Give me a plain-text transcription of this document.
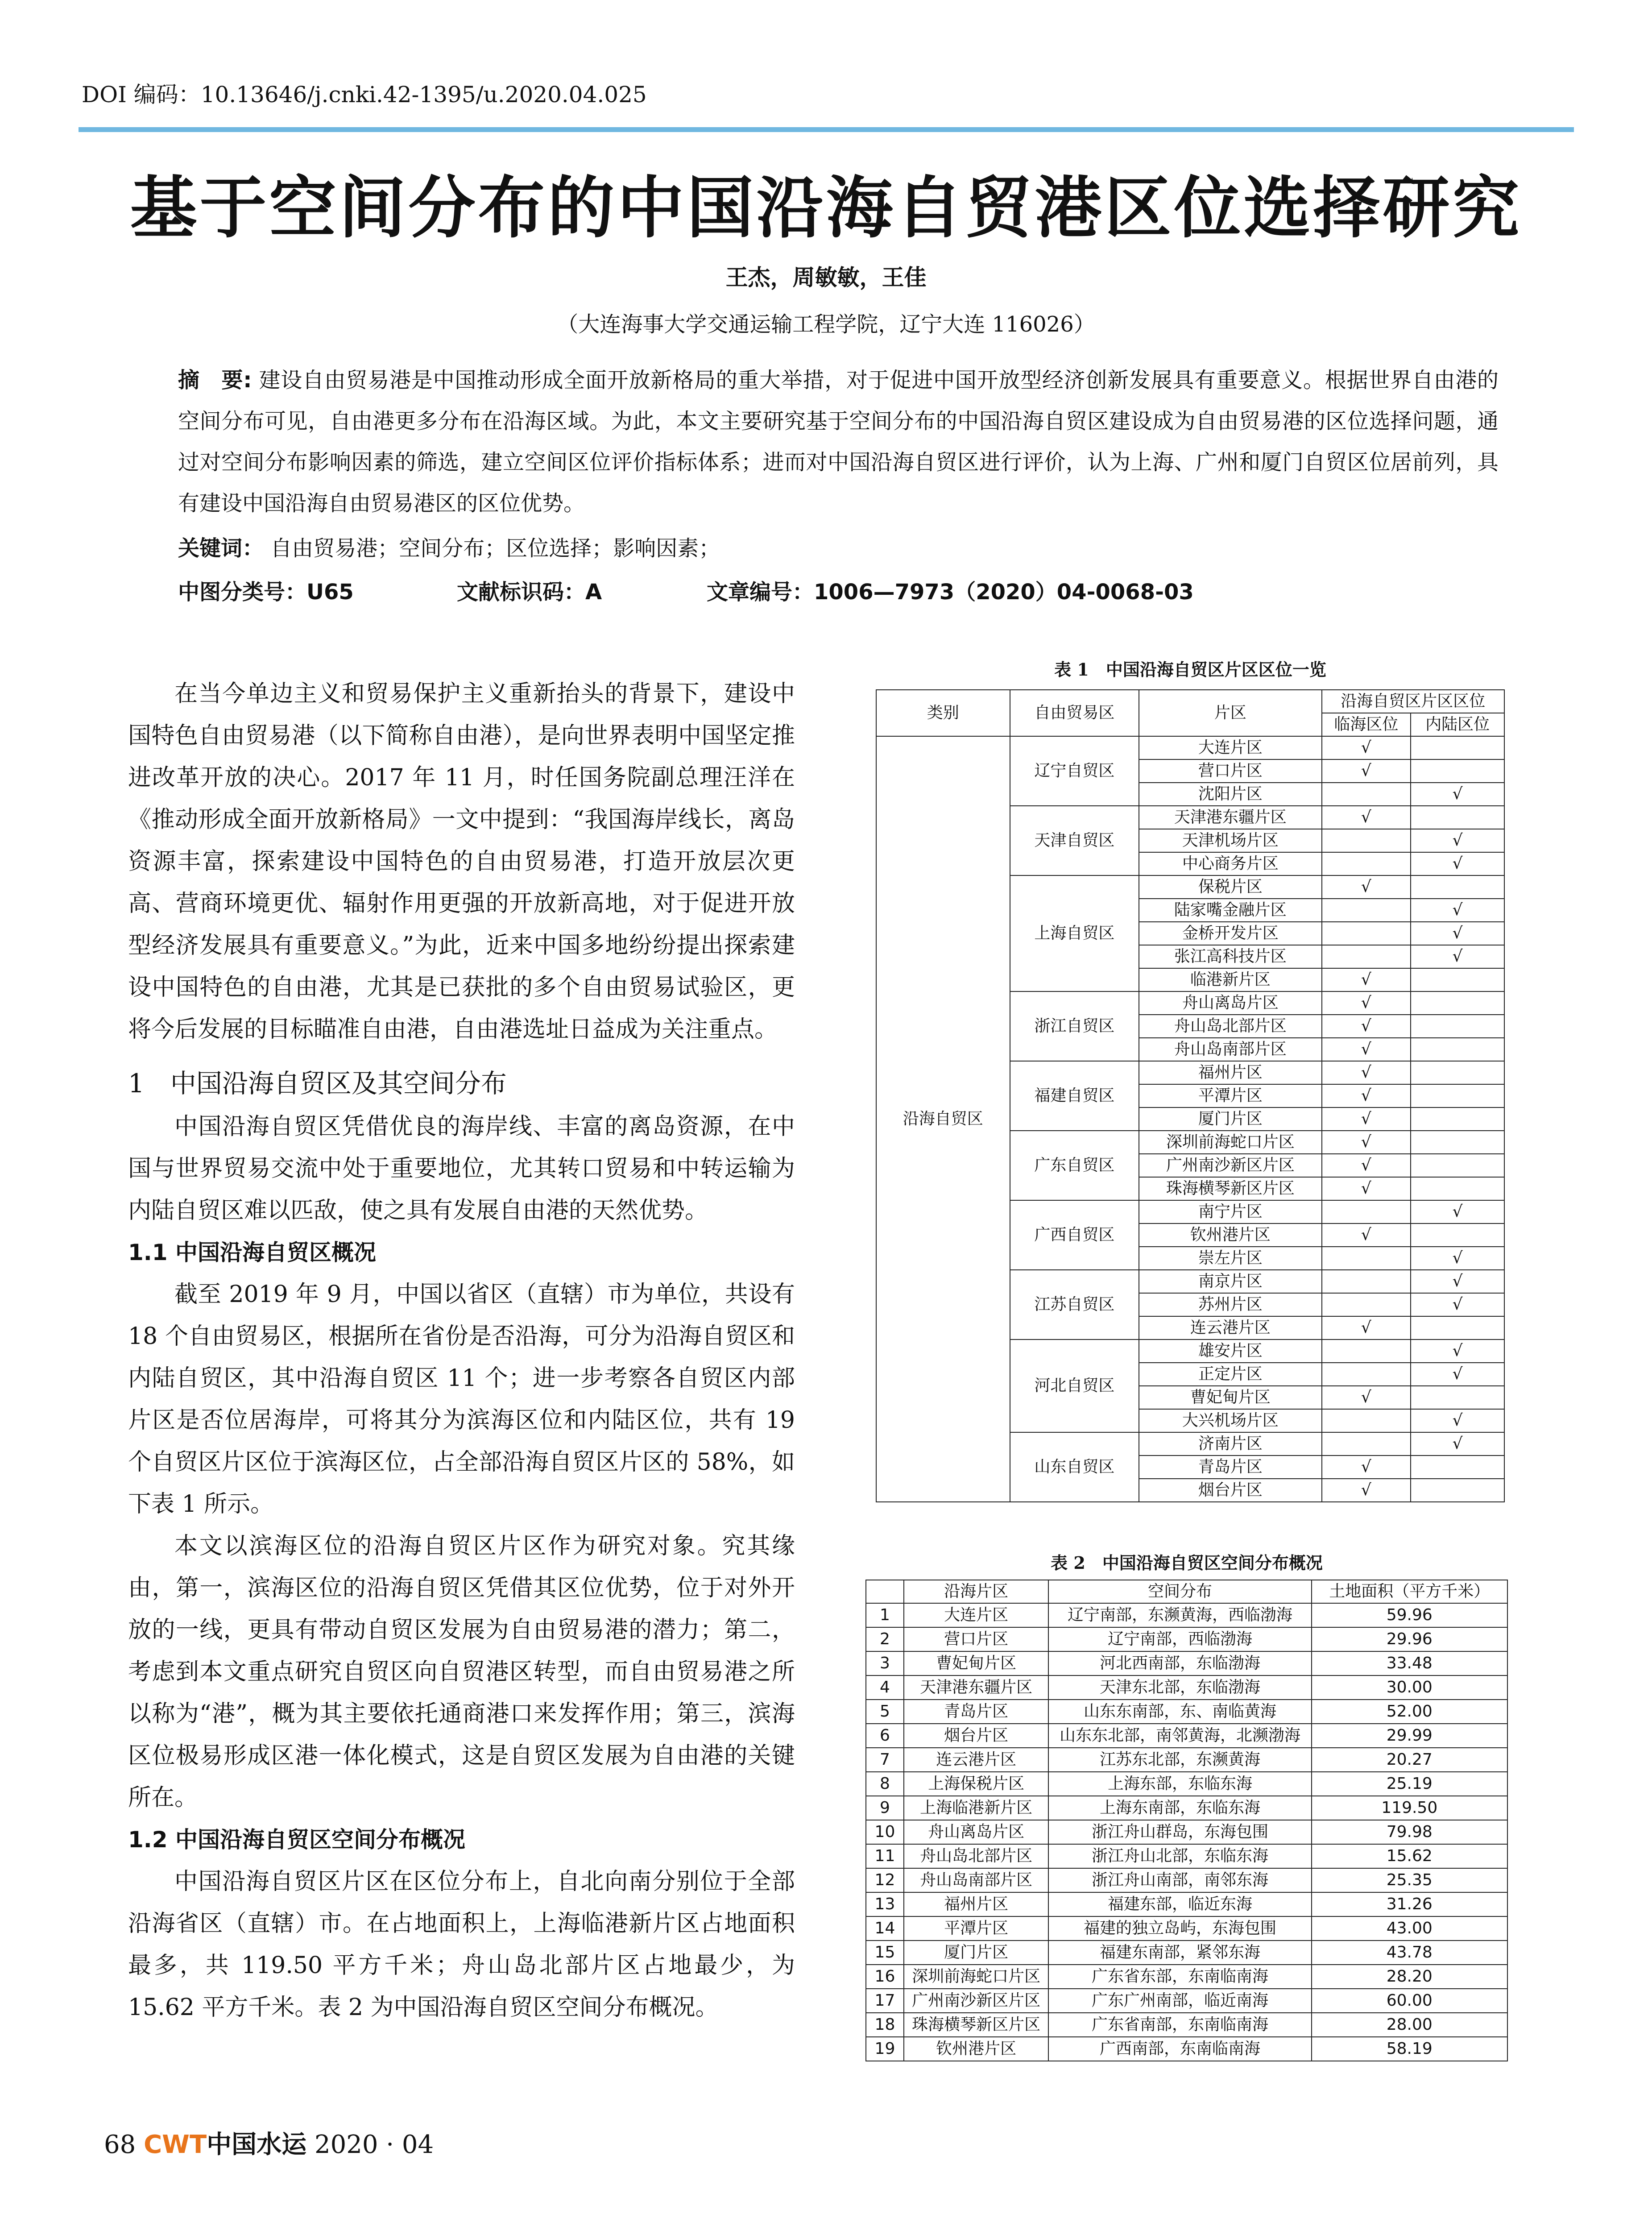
DOI 编码：10.13646/j.cnki.42-1395/u.2020.04.025
基于空间分布的中国沿海自贸港区位选择研究
王杰，周敏敏，王佳
（大连海事大学交通运输工程学院，辽宁大连 116026）
摘　要: 建设自由贸易港是中国推动形成全面开放新格局的重大举措，对于促进中国开放型经济创新发展具有重要意义。根据世界自由港的空间分布可见，自由港更多分布在沿海区域。为此，本文主要研究基于空间分布的中国沿海自贸区建设成为自由贸易港的区位选择问题，通过对空间分布影响因素的筛选，建立空间区位评价指标体系；进而对中国沿海自贸区进行评价，认为上海、广州和厦门自贸区位居前列，具有建设中国沿海自由贸易港区的区位优势。
关键词： 自由贸易港；空间分布；区位选择；影响因素；
中图分类号：U65	文献标识码：A	文章编号：1006—7973（2020）04-0068-03

在当今单边主义和贸易保护主义重新抬头的背景下，建设中国特色自由贸易港（以下简称自由港），是向世界表明中国坚定推进改革开放的决心。2017 年 11 月，时任国务院副总理汪洋在《推动形成全面开放新格局》一文中提到：“我国海岸线长，离岛资源丰富，探索建设中国特色的自由贸易港，打造开放层次更高、营商环境更优、辐射作用更强的开放新高地，对于促进开放型经济发展具有重要意义。”为此，近来中国多地纷纷提出探索建设中国特色的自由港，尤其是已获批的多个自由贸易试验区，更将今后发展的目标瞄准自由港，自由港选址日益成为关注重点。

1　中国沿海自贸区及其空间分布

中国沿海自贸区凭借优良的海岸线、丰富的离岛资源，在中国与世界贸易交流中处于重要地位，尤其转口贸易和中转运输为内陆自贸区难以匹敌，使之具有发展自由港的天然优势。

1.1 中国沿海自贸区概况

截至 2019 年 9 月，中国以省区（直辖）市为单位，共设有 18 个自由贸易区，根据所在省份是否沿海，可分为沿海自贸区和内陆自贸区，其中沿海自贸区 11 个；进一步考察各自贸区内部片区是否位居海岸，可将其分为滨海区位和内陆区位，共有 19 个自贸区片区位于滨海区位，占全部沿海自贸区片区的 58%，如下表 1 所示。

本文以滨海区位的沿海自贸区片区作为研究对象。究其缘由，第一，滨海区位的沿海自贸区凭借其区位优势，位于对外开放的一线，更具有带动自贸区发展为自由贸易港的潜力；第二，考虑到本文重点研究自贸区向自贸港区转型，而自由贸易港之所以称为“港”，概为其主要依托通商港口来发挥作用；第三，滨海区位极易形成区港一体化模式，这是自贸区发展为自由港的关键所在。

1.2 中国沿海自贸区空间分布概况

中国沿海自贸区片区在区位分布上，自北向南分别位于全部沿海省区（直辖）市。在占地面积上，上海临港新片区占地面积最多，共 119.50 平方千米；舟山岛北部片区占地最少，为 15.62 平方千米。表 2 为中国沿海自贸区空间分布概况。

表 1　中国沿海自贸区片区区位一览
类别	自由贸易区	片区	沿海自贸区片区区位	
			临海区位	内陆区位
沿海自贸区	辽宁自贸区	大连片区	√	
		营口片区	√	
		沈阳片区		√
	天津自贸区	天津港东疆片区	√	
		天津机场片区		√
		中心商务片区		√
	上海自贸区	保税片区	√	
		陆家嘴金融片区		√
		金桥开发片区		√
		张江高科技片区		√
		临港新片区	√	
	浙江自贸区	舟山离岛片区	√	
		舟山岛北部片区	√	
		舟山岛南部片区	√	
	福建自贸区	福州片区	√	
		平潭片区	√	
		厦门片区	√	
	广东自贸区	深圳前海蛇口片区	√	
		广州南沙新区片区	√	
		珠海横琴新区片区	√	
	广西自贸区	南宁片区		√
		钦州港片区	√	
		崇左片区		√
	江苏自贸区	南京片区		√
		苏州片区		√
		连云港片区	√	
	河北自贸区	雄安片区		√
		正定片区		√
		曹妃甸片区	√	
		大兴机场片区		√
	山东自贸区	济南片区		√
		青岛片区	√	
		烟台片区	√	
表 2　中国沿海自贸区空间分布概况
	沿海片区	空间分布	土地面积（平方千米）
1	大连片区	辽宁南部，东濒黄海，西临渤海	59.96
2	营口片区	辽宁南部，西临渤海	29.96
3	曹妃甸片区	河北西南部，东临渤海	33.48
4	天津港东疆片区	天津东北部，东临渤海	30.00
5	青岛片区	山东东南部，东、南临黄海	52.00
6	烟台片区	山东东北部，南邻黄海，北濒渤海	29.99
7	连云港片区	江苏东北部，东濒黄海	20.27
8	上海保税片区	上海东部，东临东海	25.19
9	上海临港新片区	上海东南部，东临东海	119.50
10	舟山离岛片区	浙江舟山群岛，东海包围	79.98
11	舟山岛北部片区	浙江舟山北部，东临东海	15.62
12	舟山岛南部片区	浙江舟山南部，南邻东海	25.35
13	福州片区	福建东部，临近东海	31.26
14	平潭片区	福建的独立岛屿，东海包围	43.00
15	厦门片区	福建东南部，紧邻东海	43.78
16	深圳前海蛇口片区	广东省东部，东南临南海	28.20
17	广州南沙新区片区	广东广州南部，临近南海	60.00
18	珠海横琴新区片区	广东省南部，东南临南海	28.00
19	钦州港片区	广西南部，东南临南海	58.19
68 CWT中国水运 2020 · 04
